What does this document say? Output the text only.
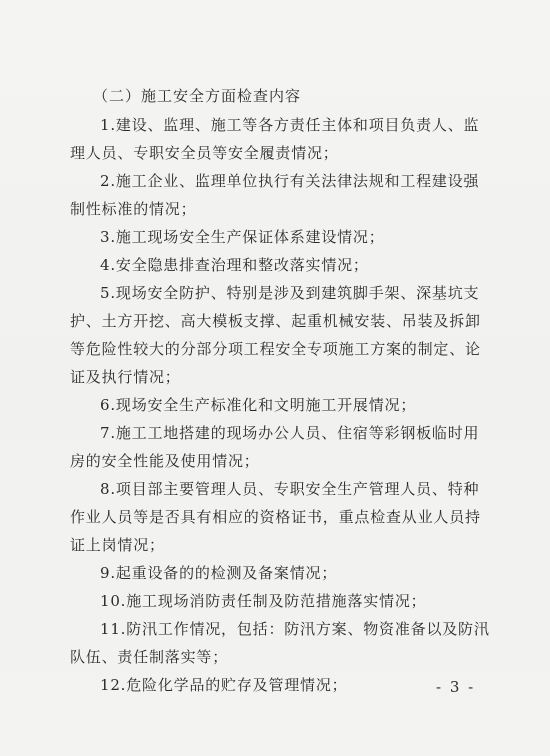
（二）施工安全方面检查内容
1.建设、监理、施工等各方责任主体和项目负责人、监理人员、专职安全员等安全履责情况；
2.施工企业、监理单位执行有关法律法规和工程建设强制性标准的情况；
3.施工现场安全生产保证体系建设情况；
4.安全隐患排查治理和整改落实情况；
5.现场安全防护、特别是涉及到建筑脚手架、深基坑支护、土方开挖、高大模板支撑、起重机械安装、吊装及拆卸等危险性较大的分部分项工程安全专项施工方案的制定、论证及执行情况；
6.现场安全生产标准化和文明施工开展情况；
7.施工工地搭建的现场办公人员、住宿等彩钢板临时用房的安全性能及使用情况；
8.项目部主要管理人员、专职安全生产管理人员、特种作业人员等是否具有相应的资格证书，重点检查从业人员持证上岗情况；
9.起重设备的的检测及备案情况；
10.施工现场消防责任制及防范措施落实情况；
11.防汛工作情况，包括：防汛方案、物资准备以及防汛队伍、责任制落实等；
12.危险化学品的贮存及管理情况；	- 3 -
